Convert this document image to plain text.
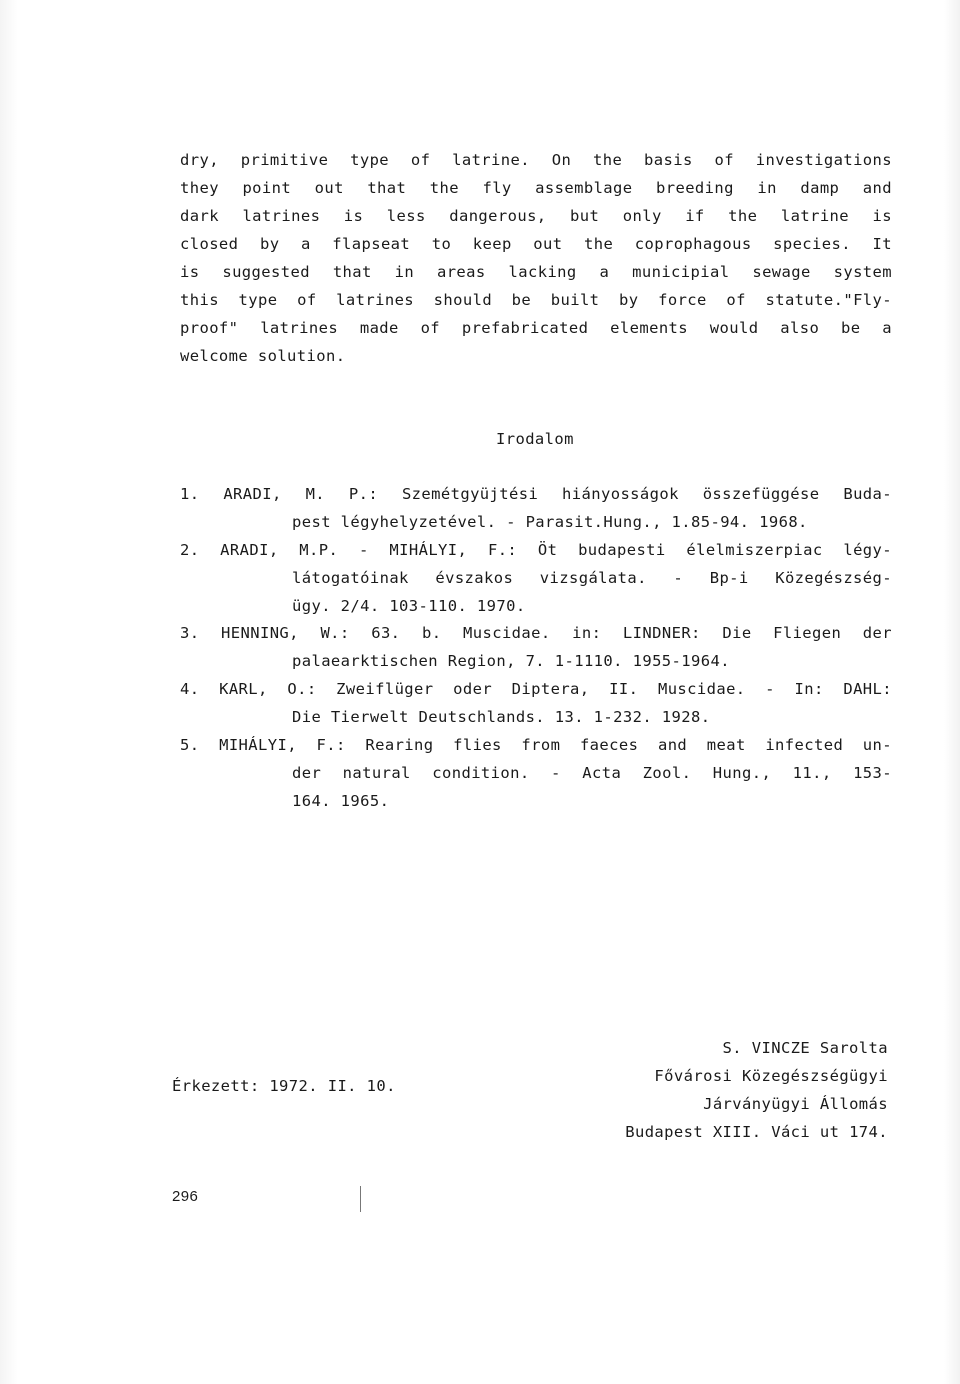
dry, primitive type of latrine. On the basis of investigations
they point out that the fly assemblage breeding in damp and
dark latrines is less dangerous, but only if the latrine is
closed by a flapseat to keep out the coprophagous species. It
is suggested that in areas lacking a municipial sewage system
this type of latrines should be built by force of statute."Fly-
proof" latrines made of prefabricated elements would also be a
welcome solution.
Irodalom
1. ARADI, M. P.: Szemétgyüjtési hiányosságok összefüggése Buda-
pest légyhelyzetével. - Parasit.Hung., 1.85-94. 1968.
2. ARADI, M.P. - MIHÁLYI, F.: Öt budapesti élelmiszerpiac légy-
látogatóinak évszakos vizsgálata. - Bp-i Közegészség-
ügy. 2/4. 103-110. 1970.
3. HENNING, W.: 63. b. Muscidae. in: LINDNER: Die Fliegen der
palaearktischen Region, 7. 1-1110. 1955-1964.
4. KARL, O.: Zweiflüger oder Diptera, II. Muscidae. - In: DAHL:
Die Tierwelt Deutschlands. 13. 1-232. 1928.
5. MIHÁLYI, F.: Rearing flies from faeces and meat infected un-
der natural condition. - Acta Zool. Hung., 11., 153-
164. 1965.
Érkezett: 1972. II. 10.
S. VINCZE Sarolta
Fővárosi Közegészségügyi
Járványügyi Állomás
Budapest XIII. Váci ut 174.
296
